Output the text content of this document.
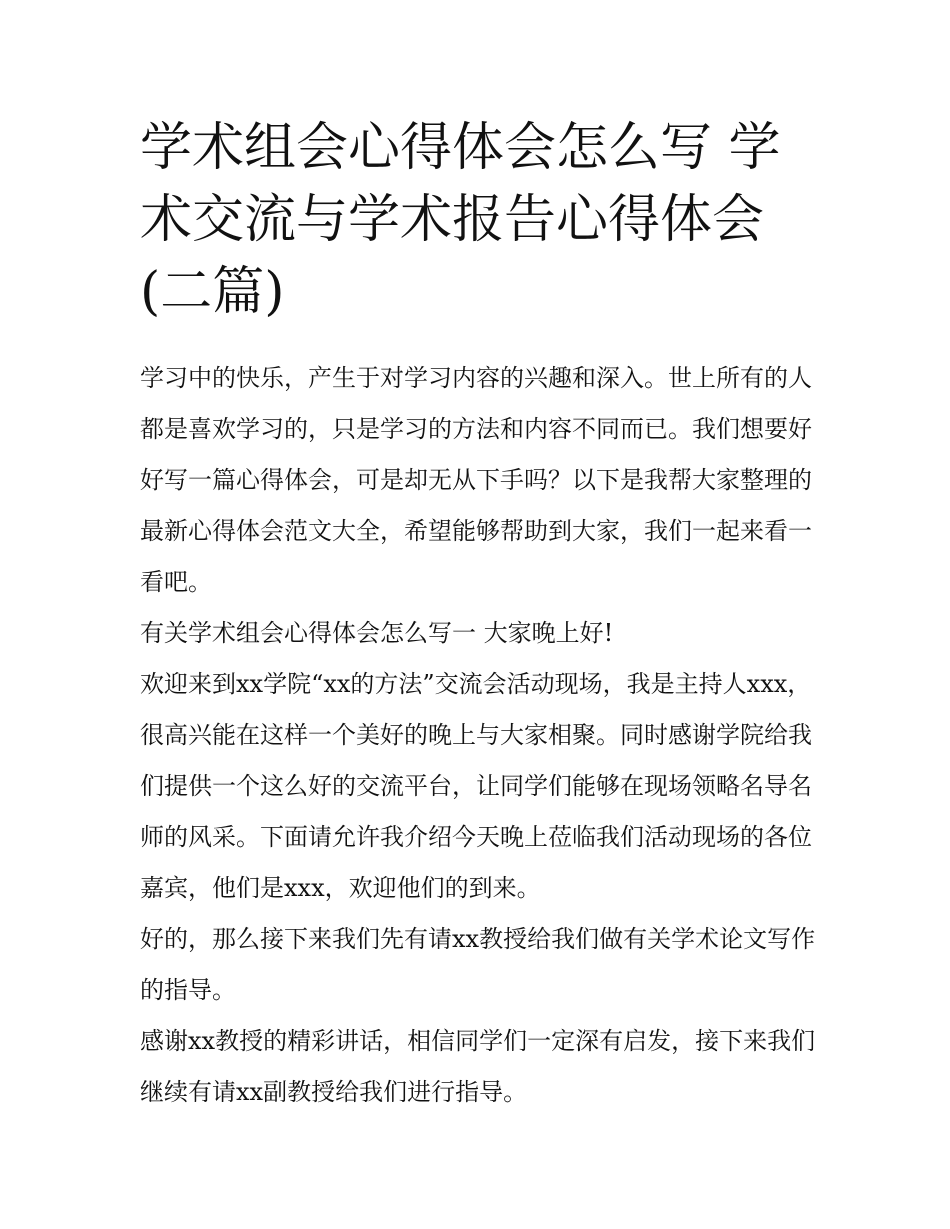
学术组会心得体会怎么写 学术交流与学术报告心得体会(二篇)

学习中的快乐，产生于对学习内容的兴趣和深入。世上所有的人都是喜欢学习的，只是学习的方法和内容不同而已。我们想要好好写一篇心得体会，可是却无从下手吗？以下是我帮大家整理的最新心得体会范文大全，希望能够帮助到大家，我们一起来看一看吧。

有关学术组会心得体会怎么写一 大家晚上好!

欢迎来到xx学院“xx的方法”交流会活动现场，我是主持人xxx，很高兴能在这样一个美好的晚上与大家相聚。同时感谢学院给我们提供一个这么好的交流平台，让同学们能够在现场领略名导名师的风采。下面请允许我介绍今天晚上莅临我们活动现场的各位嘉宾，他们是xxx，欢迎他们的到来。

好的，那么接下来我们先有请xx教授给我们做有关学术论文写作的指导。

感谢xx教授的精彩讲话，相信同学们一定深有启发，接下来我们继续有请xx副教授给我们进行指导。
